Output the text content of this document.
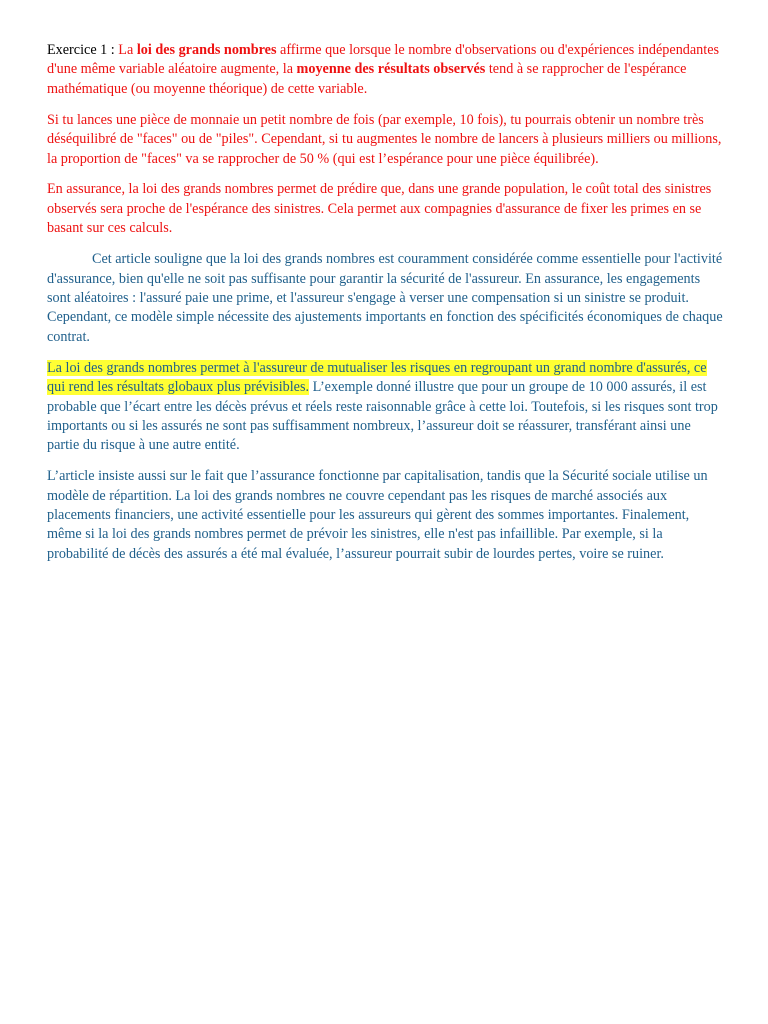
Exercice 1 : La loi des grands nombres affirme que lorsque le nombre d'observations ou d'expériences indépendantes d'une même variable aléatoire augmente, la moyenne des résultats observés tend à se rapprocher de l'espérance mathématique (ou moyenne théorique) de cette variable.

Si tu lances une pièce de monnaie un petit nombre de fois (par exemple, 10 fois), tu pourrais obtenir un nombre très déséquilibré de "faces" ou de "piles". Cependant, si tu augmentes le nombre de lancers à plusieurs milliers ou millions, la proportion de "faces" va se rapprocher de 50 % (qui est l’espérance pour une pièce équilibrée).

En assurance, la loi des grands nombres permet de prédire que, dans une grande population, le coût total des sinistres observés sera proche de l'espérance des sinistres. Cela permet aux compagnies d'assurance de fixer les primes en se basant sur ces calculs.

Cet article souligne que la loi des grands nombres est couramment considérée comme essentielle pour l'activité d'assurance, bien qu'elle ne soit pas suffisante pour garantir la sécurité de l'assureur. En assurance, les engagements sont aléatoires : l'assuré paie une prime, et l'assureur s'engage à verser une compensation si un sinistre se produit. Cependant, ce modèle simple nécessite des ajustements importants en fonction des spécificités économiques de chaque contrat.

La loi des grands nombres permet à l'assureur de mutualiser les risques en regroupant un grand nombre d'assurés, ce qui rend les résultats globaux plus prévisibles. L’exemple donné illustre que pour un groupe de 10 000 assurés, il est probable que l’écart entre les décès prévus et réels reste raisonnable grâce à cette loi. Toutefois, si les risques sont trop importants ou si les assurés ne sont pas suffisamment nombreux, l’assureur doit se réassurer, transférant ainsi une partie du risque à une autre entité.

L’article insiste aussi sur le fait que l’assurance fonctionne par capitalisation, tandis que la Sécurité sociale utilise un modèle de répartition. La loi des grands nombres ne couvre cependant pas les risques de marché associés aux placements financiers, une activité essentielle pour les assureurs qui gèrent des sommes importantes. Finalement, même si la loi des grands nombres permet de prévoir les sinistres, elle n'est pas infaillible. Par exemple, si la probabilité de décès des assurés a été mal évaluée, l’assureur pourrait subir de lourdes pertes, voire se ruiner.
